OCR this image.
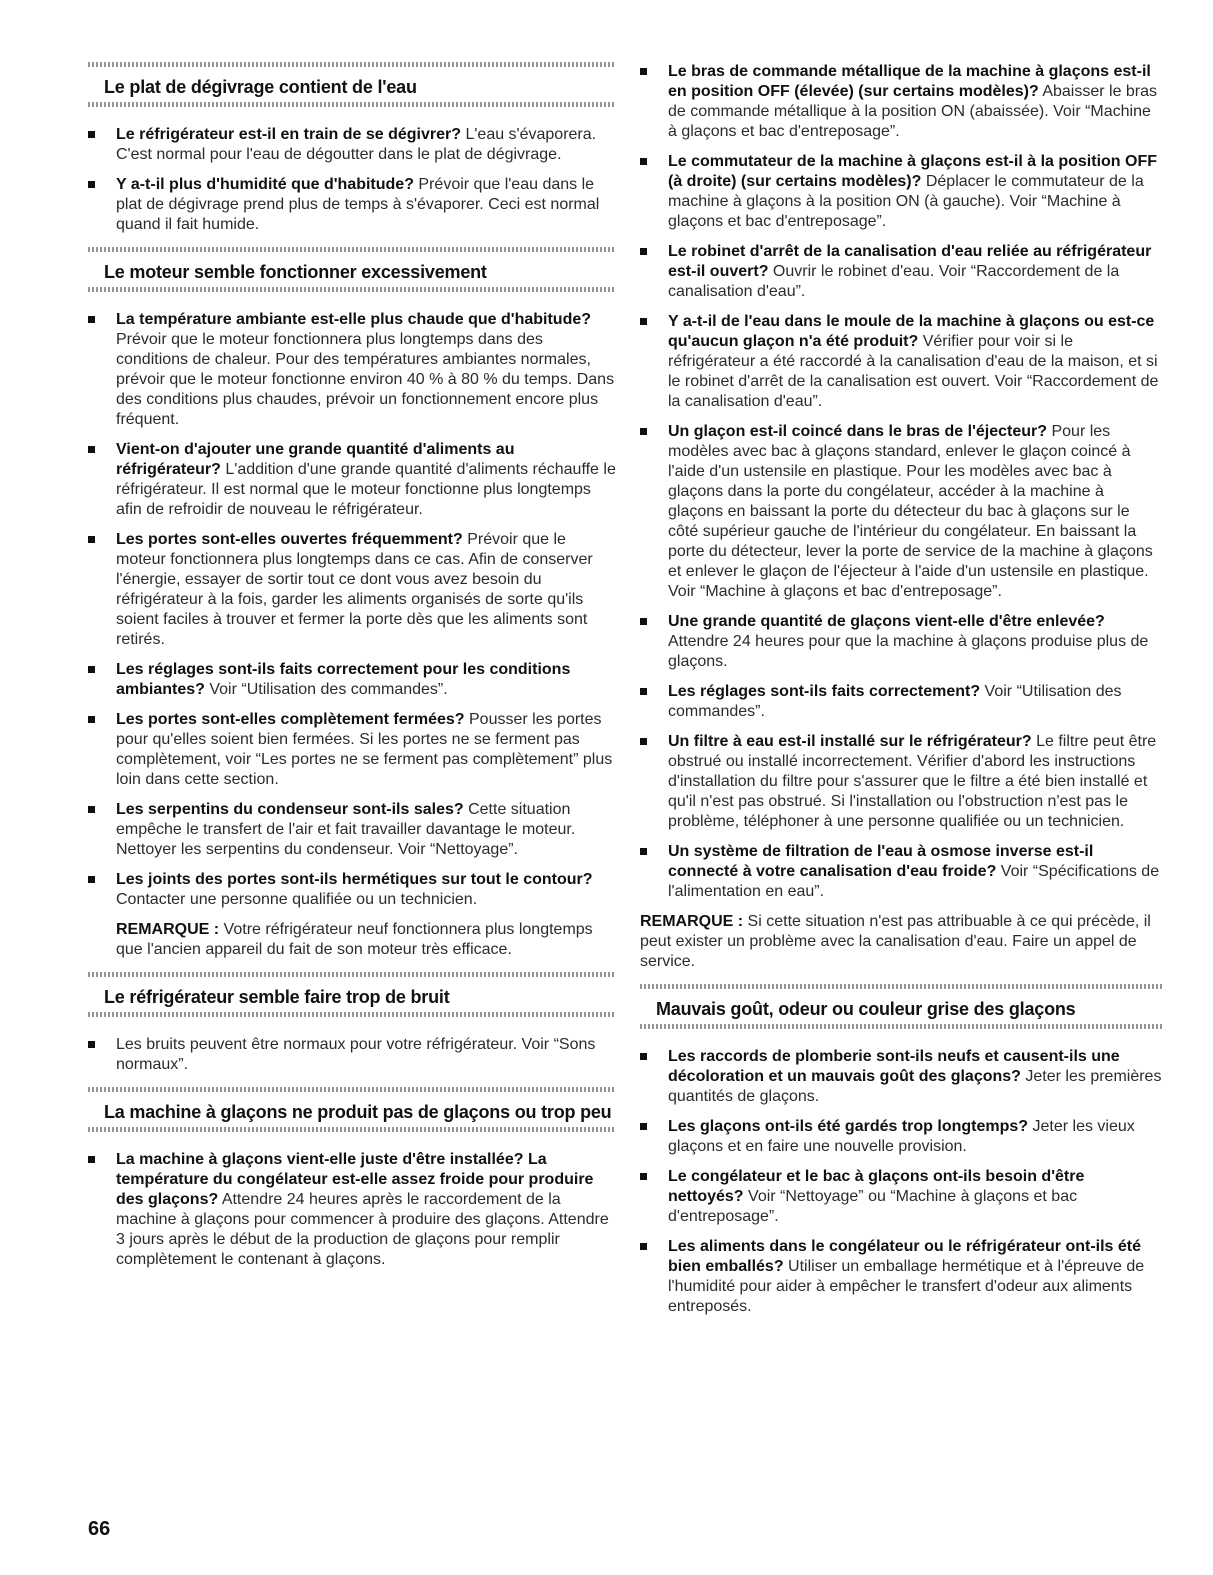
Le plat de dégivrage contient de l'eau
Le réfrigérateur est-il en train de se dégivrer? L'eau s'évaporera. C'est normal pour l'eau de dégoutter dans le plat de dégivrage.
Y a-t-il plus d'humidité que d'habitude? Prévoir que l'eau dans le plat de dégivrage prend plus de temps à s'évaporer. Ceci est normal quand il fait humide.
Le moteur semble fonctionner excessivement
La température ambiante est-elle plus chaude que d'habitude? Prévoir que le moteur fonctionnera plus longtemps dans des conditions de chaleur. Pour des températures ambiantes normales, prévoir que le moteur fonctionne environ 40 % à 80 % du temps. Dans des conditions plus chaudes, prévoir un fonctionnement encore plus fréquent.
Vient-on d'ajouter une grande quantité d'aliments au réfrigérateur? L'addition d'une grande quantité d'aliments réchauffe le réfrigérateur. Il est normal que le moteur fonctionne plus longtemps afin de refroidir de nouveau le réfrigérateur.
Les portes sont-elles ouvertes fréquemment? Prévoir que le moteur fonctionnera plus longtemps dans ce cas. Afin de conserver l'énergie, essayer de sortir tout ce dont vous avez besoin du réfrigérateur à la fois, garder les aliments organisés de sorte qu'ils soient faciles à trouver et fermer la porte dès que les aliments sont retirés.
Les réglages sont-ils faits correctement pour les conditions ambiantes? Voir “Utilisation des commandes”.
Les portes sont-elles complètement fermées? Pousser les portes pour qu'elles soient bien fermées. Si les portes ne se ferment pas complètement, voir “Les portes ne se ferment pas complètement” plus loin dans cette section.
Les serpentins du condenseur sont-ils sales? Cette situation empêche le transfert de l'air et fait travailler davantage le moteur. Nettoyer les serpentins du condenseur. Voir “Nettoyage”.
Les joints des portes sont-ils hermétiques sur tout le contour? Contacter une personne qualifiée ou un technicien.
REMARQUE : Votre réfrigérateur neuf fonctionnera plus longtemps que l'ancien appareil du fait de son moteur très efficace.
Le réfrigérateur semble faire trop de bruit
Les bruits peuvent être normaux pour votre réfrigérateur. Voir “Sons normaux”.
La machine à glaçons ne produit pas de glaçons ou trop peu
La machine à glaçons vient-elle juste d'être installée? La température du congélateur est-elle assez froide pour produire des glaçons? Attendre 24 heures après le raccordement de la machine à glaçons pour commencer à produire des glaçons. Attendre 3 jours après le début de la production de glaçons pour remplir complètement le contenant à glaçons.
Le bras de commande métallique de la machine à glaçons est-il en position OFF (élevée) (sur certains modèles)? Abaisser le bras de commande métallique à la position ON (abaissée). Voir “Machine à glaçons et bac d'entreposage”.
Le commutateur de la machine à glaçons est-il à la position OFF (à droite) (sur certains modèles)? Déplacer le commutateur de la machine à glaçons à la position ON (à gauche). Voir “Machine à glaçons et bac d'entreposage”.
Le robinet d'arrêt de la canalisation d'eau reliée au réfrigérateur est-il ouvert? Ouvrir le robinet d'eau. Voir “Raccordement de la canalisation d'eau”.
Y a-t-il de l'eau dans le moule de la machine à glaçons ou est-ce qu'aucun glaçon n'a été produit? Vérifier pour voir si le réfrigérateur a été raccordé à la canalisation d'eau de la maison, et si le robinet d'arrêt de la canalisation est ouvert. Voir “Raccordement de la canalisation d'eau”.
Un glaçon est-il coincé dans le bras de l'éjecteur? Pour les modèles avec bac à glaçons standard, enlever le glaçon coincé à l'aide d'un ustensile en plastique. Pour les modèles avec bac à glaçons dans la porte du congélateur, accéder à la machine à glaçons en baissant la porte du détecteur du bac à glaçons sur le côté supérieur gauche de l'intérieur du congélateur. En baissant la porte du détecteur, lever la porte de service de la machine à glaçons et enlever le glaçon de l'éjecteur à l'aide d'un ustensile en plastique. Voir “Machine à glaçons et bac d'entreposage”.
Une grande quantité de glaçons vient-elle d'être enlevée? Attendre 24 heures pour que la machine à glaçons produise plus de glaçons.
Les réglages sont-ils faits correctement? Voir “Utilisation des commandes”.
Un filtre à eau est-il installé sur le réfrigérateur? Le filtre peut être obstrué ou installé incorrectement. Vérifier d'abord les instructions d'installation du filtre pour s'assurer que le filtre a été bien installé et qu'il n'est pas obstrué. Si l'installation ou l'obstruction n'est pas le problème, téléphoner à une personne qualifiée ou un technicien.
Un système de filtration de l'eau à osmose inverse est-il connecté à votre canalisation d'eau froide? Voir “Spécifications de l'alimentation en eau”.
REMARQUE : Si cette situation n'est pas attribuable à ce qui précède, il peut exister un problème avec la canalisation d'eau. Faire un appel de service.
Mauvais goût, odeur ou couleur grise des glaçons
Les raccords de plomberie sont-ils neufs et causent-ils une décoloration et un mauvais goût des glaçons? Jeter les premières quantités de glaçons.
Les glaçons ont-ils été gardés trop longtemps? Jeter les vieux glaçons et en faire une nouvelle provision.
Le congélateur et le bac à glaçons ont-ils besoin d'être nettoyés? Voir “Nettoyage” ou “Machine à glaçons et bac d'entreposage”.
Les aliments dans le congélateur ou le réfrigérateur ont-ils été bien emballés? Utiliser un emballage hermétique et à l'épreuve de l'humidité pour aider à empêcher le transfert d'odeur aux aliments entreposés.
66
